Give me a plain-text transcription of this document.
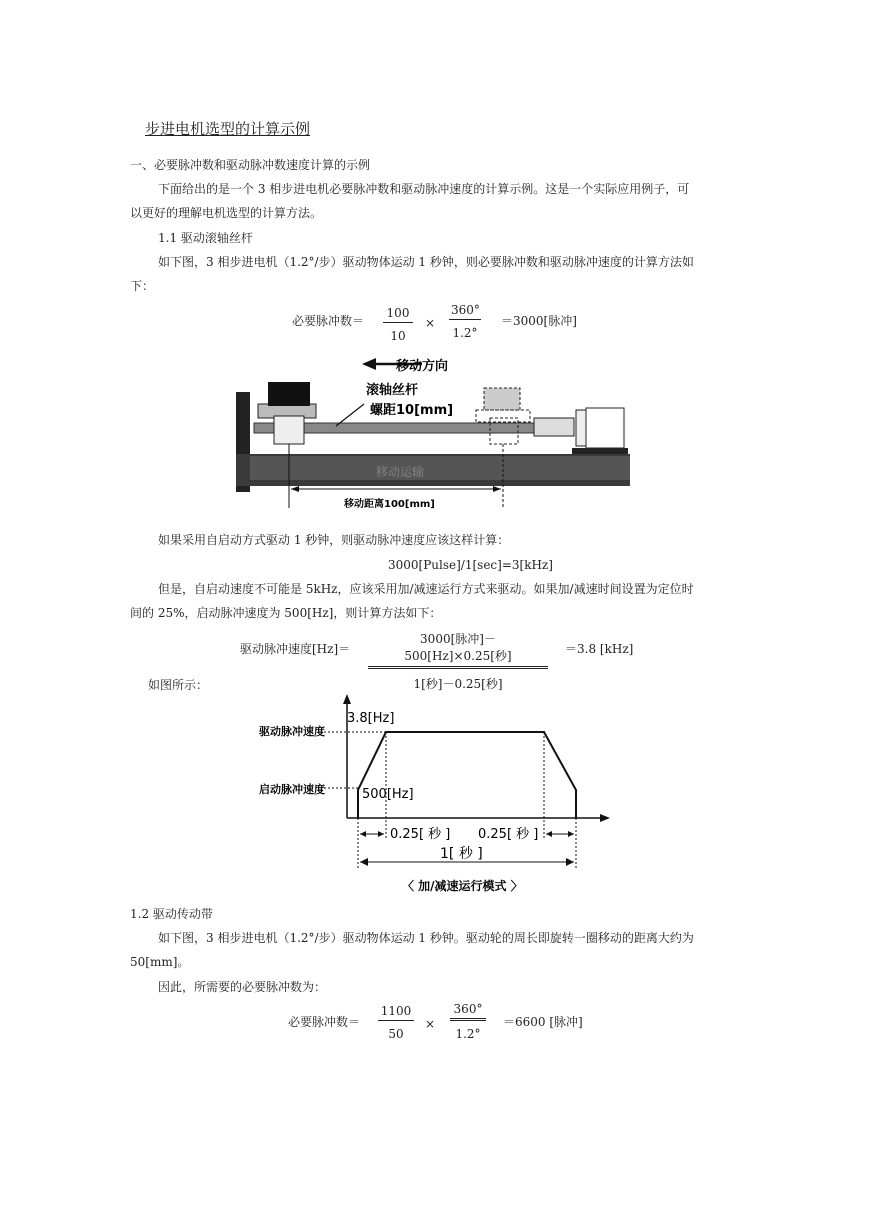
步进电机选型的计算示例
一、必要脉冲数和驱动脉冲数速度计算的示例
下面给出的是一个 3 相步进电机必要脉冲数和驱动脉冲速度的计算示例。这是一个实际应用例子，可
以更好的理解电机选型的计算方法。
1.1 驱动滚轴丝杆
如下图，3 相步进电机（1.2°/步）驱动物体运动 1 秒钟，则必要脉冲数和驱动脉冲速度的计算方法如
下：
必要脉冲数＝ $\frac{100}{10} \times \frac{360^\circ}{1.2^\circ} =3000$[脉冲]
移动方向
移动运输
滚轴丝杆
螺距10[mm]
移动距离100[mm]
如果采用自启动方式驱动 1 秒钟，则驱动脉冲速度应该这样计算：
3000[Pulse]/1[sec]=3[kHz]
但是，自启动速度不可能是 5kHz，应该采用加/减速运行方式来驱动。如果加/减速时间设置为定位时
间的 25%，启动脉冲速度为 500[Hz]，则计算方法如下：
驱动脉冲速度[Hz]＝
3000[脉冲]－500[Hz]×0.25[秒]
1[秒]－0.25[秒]
＝3.8 [kHz]
如图所示：
3.8[Hz]
500[Hz]
驱动脉冲速度
启动脉冲速度
0.25[ 秒 ] 0.25[ 秒 ]
1[ 秒 ]
〈 加/减速运行模式 〉
1.2 驱动传动带
如下图，3 相步进电机（1.2°/步）驱动物体运动 1 秒钟。驱动轮的周长即旋转一圈移动的距离大约为
50[mm]。
因此，所需要的必要脉冲数为：
必要脉冲数＝ $\frac{1100}{50} \times \frac{360^\circ}{1.2^\circ} =6600$ [脉冲]
